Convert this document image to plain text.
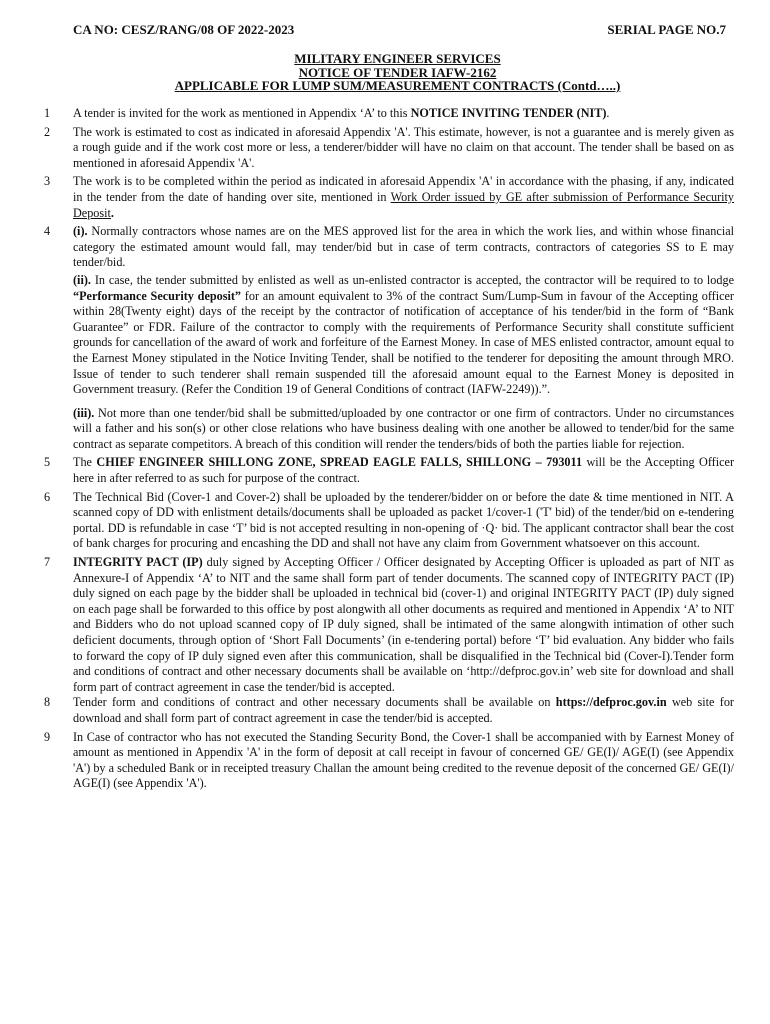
CA NO: CESZ/RANG/08 OF 2022-2023	SERIAL PAGE NO.7
MILITARY ENGINEER SERVICES
NOTICE OF TENDER IAFW-2162
APPLICABLE FOR LUMP SUM/MEASUREMENT CONTRACTS (Contd…..)
1	A tender is invited for the work as mentioned in Appendix ‘A’ to this NOTICE INVITING TENDER (NIT).
2	The work is estimated to cost as indicated in aforesaid Appendix 'A'. This estimate, however, is not a guarantee and is merely given as a rough guide and if the work cost more or less, a tenderer/bidder will have no claim on that account. The tender shall be based on as mentioned in aforesaid Appendix 'A'.
3	The work is to be completed within the period as indicated in aforesaid Appendix 'A' in accordance with the phasing, if any, indicated in the tender from the date of handing over site, mentioned in Work Order issued by GE after submission of Performance Security Deposit.
4	(i). Normally contractors whose names are on the MES approved list for the area in which the work lies, and within whose financial category the estimated amount would fall, may tender/bid but in case of term contracts, contractors of categories SS to E may tender/bid.
(ii). In case, the tender submitted by enlisted as well as un-enlisted contractor is accepted, the contractor will be required to to lodge “Performance Security deposit” for an amount equivalent to 3% of the contract Sum/Lump-Sum in favour of the Accepting officer within 28(Twenty eight) days of the receipt by the contractor of notification of acceptance of his tender/bid in the form of “Bank Guarantee” or FDR. Failure of the contractor to comply with the requirements of Performance Security shall constitute sufficient grounds for cancellation of the award of work and forfeiture of the Earnest Money. In case of MES enlisted contractor, amount equal to the Earnest Money stipulated in the Notice Inviting Tender, shall be notified to the tenderer for depositing the amount through MRO. Issue of tender to such tenderer shall remain suspended till the aforesaid amount equal to the Earnest Money is deposited in Government treasury. (Refer the Condition 19 of General Conditions of contract (IAFW-2249)).”.
(iii). Not more than one tender/bid shall be submitted/uploaded by one contractor or one firm of contractors. Under no circumstances will a father and his son(s) or other close relations who have business dealing with one another be allowed to tender/bid for the same contract as separate competitors. A breach of this condition will render the tenders/bids of both the parties liable for rejection.
5	The CHIEF ENGINEER SHILLONG ZONE, SPREAD EAGLE FALLS, SHILLONG – 793011 will be the Accepting Officer here in after referred to as such for purpose of the contract.
6	The Technical Bid (Cover-1 and Cover-2) shall be uploaded by the tenderer/bidder on or before the date & time mentioned in NIT. A scanned copy of DD with enlistment details/documents shall be uploaded as packet 1/cover-1 ('T' bid) of the tender/bid on e-tendering portal. DD is refundable in case ‘T’ bid is not accepted resulting in non-opening of ·Q· bid. The applicant contractor shall bear the cost of bank charges for procuring and encashing the DD and shall not have any claim from Government whatsoever on this account.
7	INTEGRITY PACT (IP) duly signed by Accepting Officer / Officer designated by Accepting Officer is uploaded as part of NIT as Annexure-I of Appendix ‘A’ to NIT and the same shall form part of tender documents. The scanned copy of INTEGRITY PACT (IP) duly signed on each page by the bidder shall be uploaded in technical bid (cover-1) and original INTEGRITY PACT (IP) duly signed on each page shall be forwarded to this office by post alongwith all other documents as required and mentioned in Appendix ‘A’ to NIT and Bidders who do not upload scanned copy of IP duly signed, shall be intimated of the same alongwith intimation of other such deficient documents, through option of ‘Short Fall Documents’ (in e-tendering portal) before ‘T’ bid evaluation. Any bidder who fails to forward the copy of IP duly signed even after this communication, shall be disqualified in the Technical bid (Cover-I).Tender form and conditions of contract and other necessary documents shall be available on ‘http://defproc.gov.in’ web site for download and shall form part of contract agreement in case the tender/bid is accepted.
8	Tender form and conditions of contract and other necessary documents shall be available on https://defproc.gov.in web site for download and shall form part of contract agreement in case the tender/bid is accepted.
9	In Case of contractor who has not executed the Standing Security Bond, the Cover-1 shall be accompanied with by Earnest Money of amount as mentioned in Appendix 'A' in the form of deposit at call receipt in favour of concerned GE/ GE(I)/ AGE(I) (see Appendix 'A') by a scheduled Bank or in receipted treasury Challan the amount being credited to the revenue deposit of the concerned GE/ GE(I)/ AGE(I) (see Appendix 'A').
